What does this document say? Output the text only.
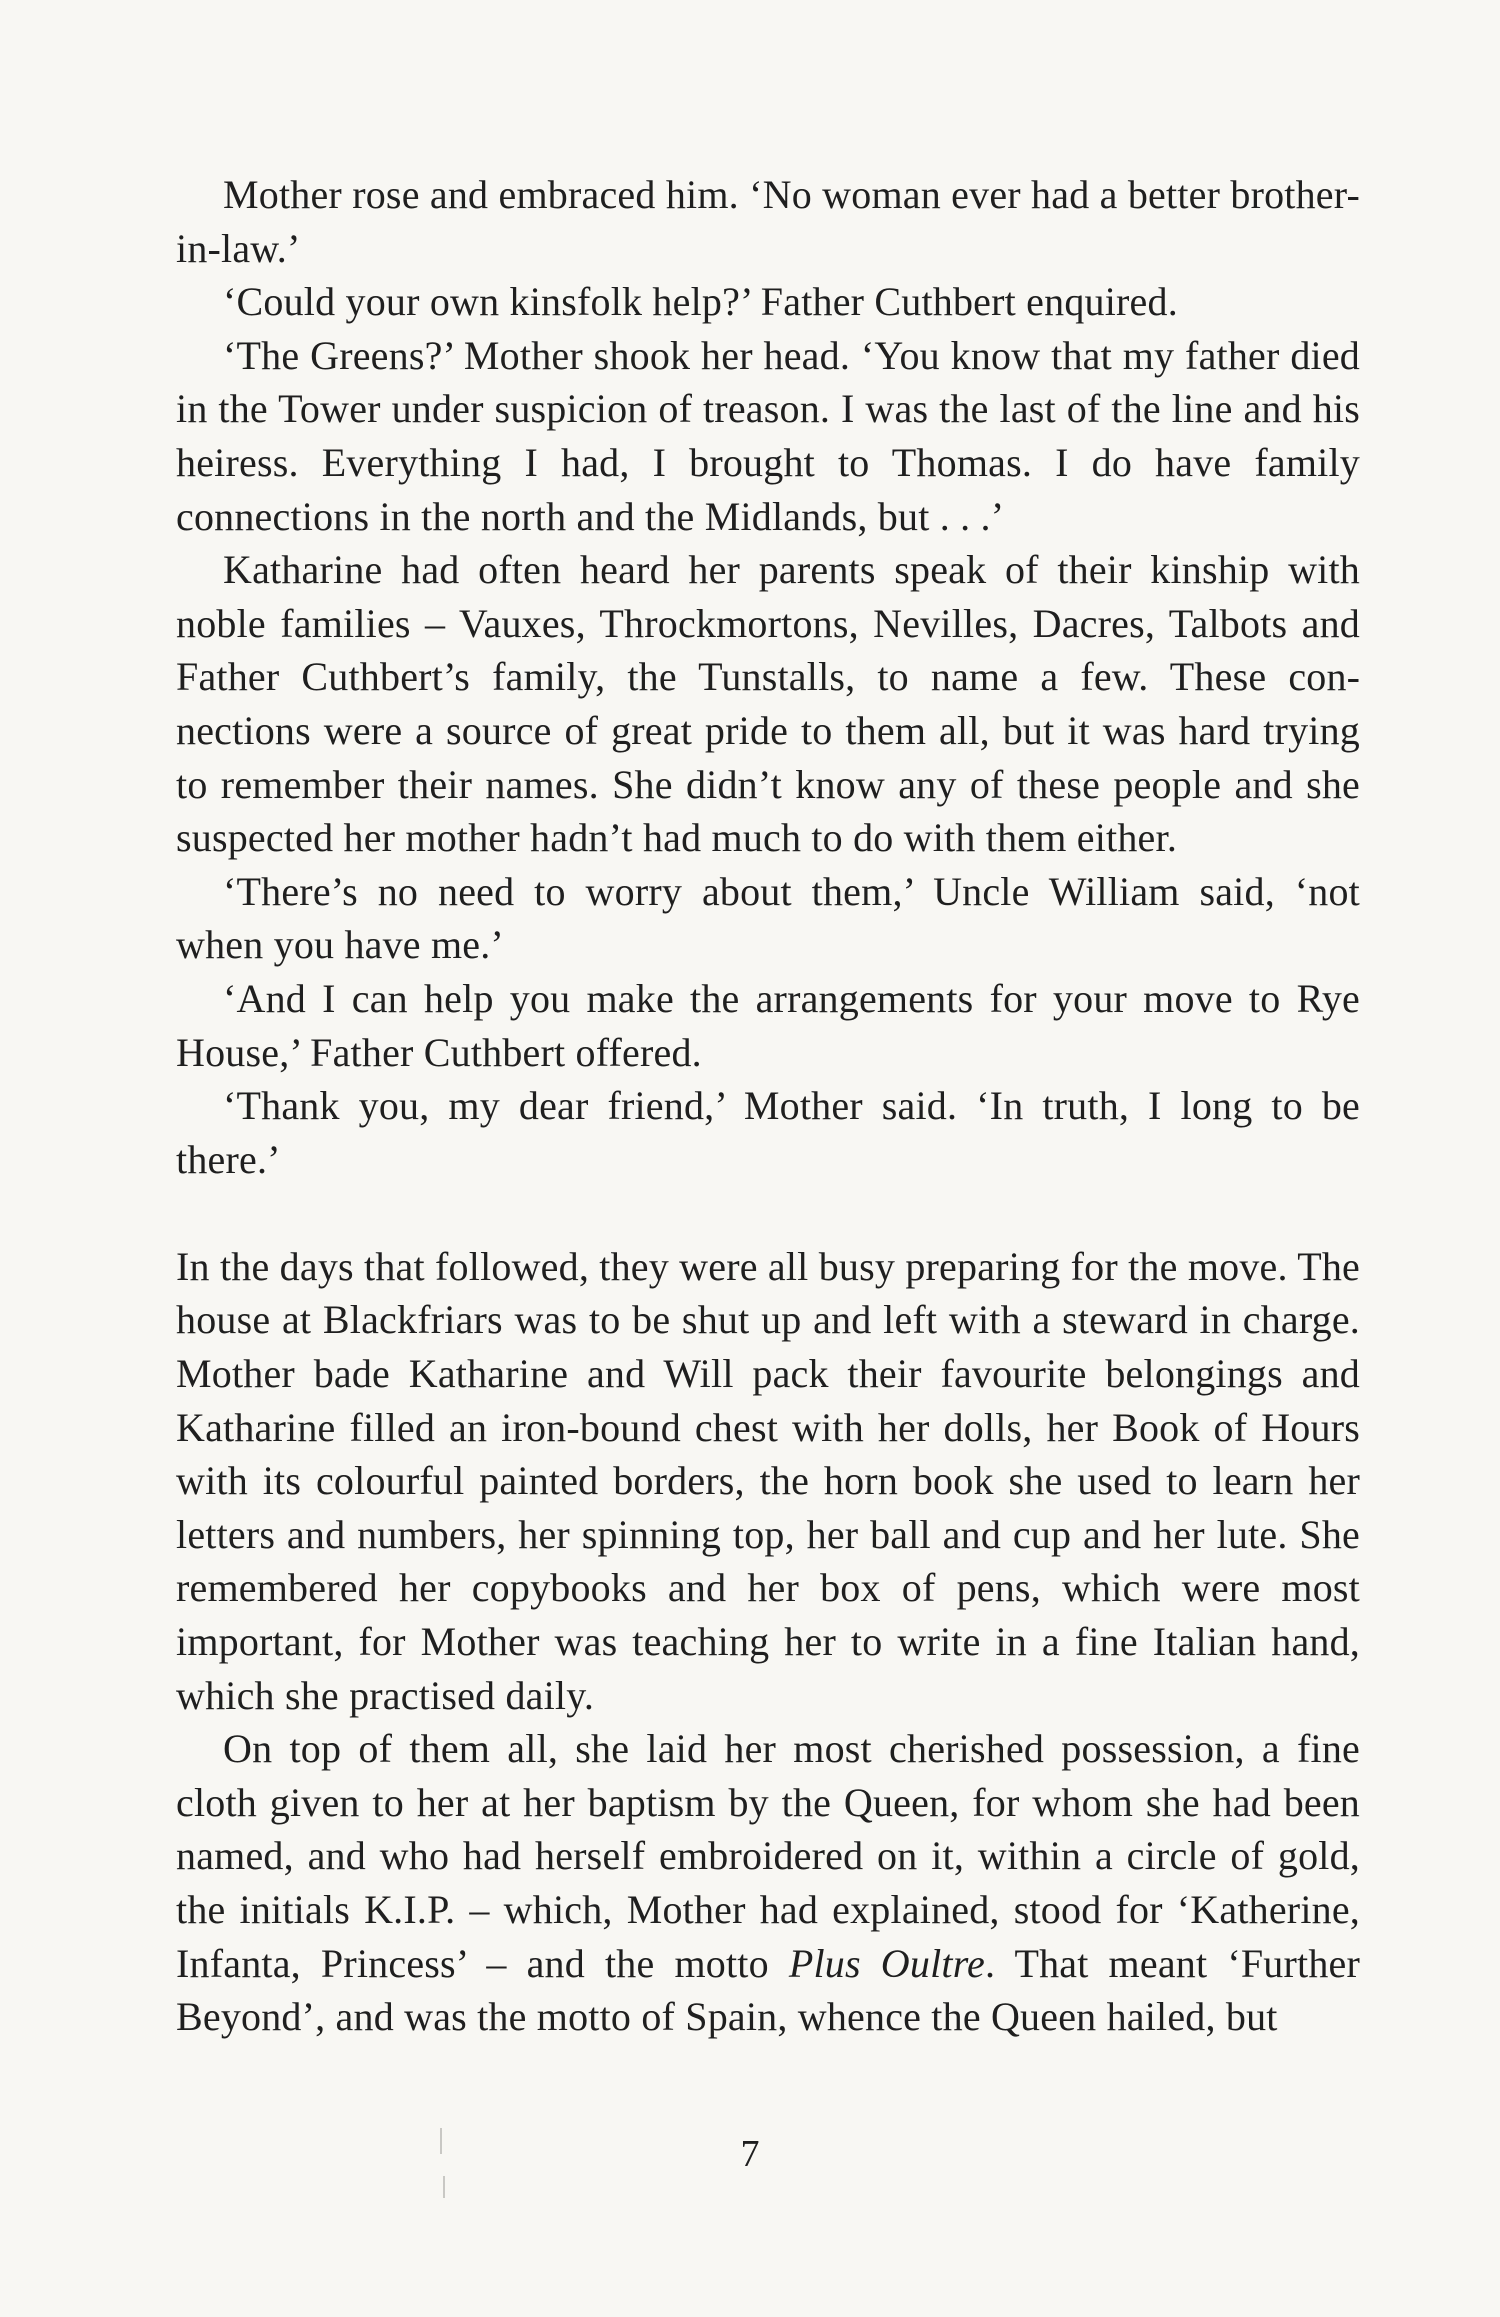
Mother rose and embraced him. ‘No woman ever had a better brother-in-law.’

‘Could your own kinsfolk help?’ Father Cuthbert enquired.

‘The Greens?’ Mother shook her head. ‘You know that my father died in the Tower under suspicion of treason. I was the last of the line and his heiress. Everything I had, I brought to Thomas. I do have family connections in the north and the Midlands, but . . .’

Katharine had often heard her parents speak of their kinship with noble families – Vauxes, Throckmortons, Nevilles, Dacres, Talbots and Father Cuthbert’s family, the Tunstalls, to name a few. These connections were a source of great pride to them all, but it was hard trying to remember their names. She didn’t know any of these people and she suspected her mother hadn’t had much to do with them either.

‘There’s no need to worry about them,’ Uncle William said, ‘not when you have me.’

‘And I can help you make the arrangements for your move to Rye House,’ Father Cuthbert offered.

‘Thank you, my dear friend,’ Mother said. ‘In truth, I long to be there.’

In the days that followed, they were all busy preparing for the move. The house at Blackfriars was to be shut up and left with a steward in charge. Mother bade Katharine and Will pack their favourite belongings and Katharine filled an iron-bound chest with her dolls, her Book of Hours with its colourful painted borders, the horn book she used to learn her letters and numbers, her spinning top, her ball and cup and her lute. She remembered her copybooks and her box of pens, which were most important, for Mother was teaching her to write in a fine Italian hand, which she practised daily.

On top of them all, she laid her most cherished possession, a fine cloth given to her at her baptism by the Queen, for whom she had been named, and who had herself embroidered on it, within a circle of gold, the initials K.I.P. – which, Mother had explained, stood for ‘Katherine, Infanta, Princess’ – and the motto Plus Oultre. That meant ‘Further Beyond’, and was the motto of Spain, whence the Queen hailed, but

7
